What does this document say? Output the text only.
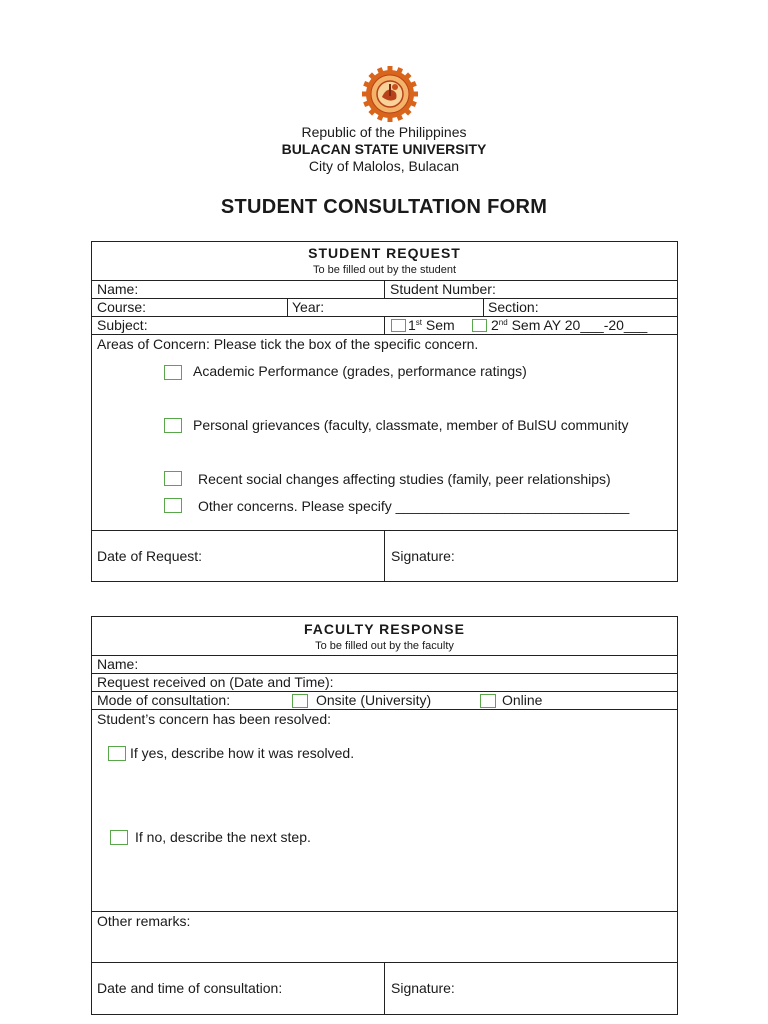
Republic of the Philippines
BULACAN STATE UNIVERSITY
City of Malolos, Bulacan
STUDENT CONSULTATION FORM
STUDENT REQUEST
To be filled out by the student
Name:	Student Number:
Course:	Year:	Section:
Subject:	1st Sem	2nd Sem AY 20___-20___
Areas of Concern: Please tick the box of the specific concern.
Academic Performance (grades, performance ratings)
Personal grievances (faculty, classmate, member of BulSU community
Recent social changes affecting studies (family, peer relationships)
Other concerns. Please specify ______________________________
Date of Request:	Signature:
FACULTY RESPONSE
To be filled out by the faculty
Name:
Request received on (Date and Time):
Mode of consultation:	Onsite (University)	Online
Student’s concern has been resolved:
If yes, describe how it was resolved.
If no, describe the next step.
Other remarks:
Date and time of consultation:	Signature:
